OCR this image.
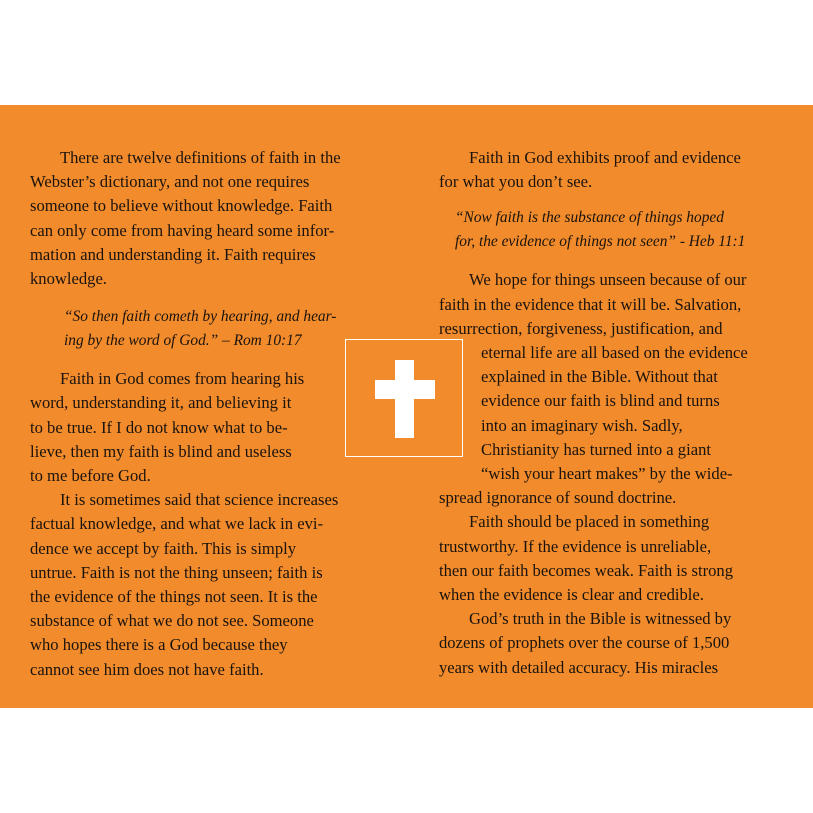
There are twelve definitions of faith in the

Webster’s dictionary, and not one requires

someone to believe without knowledge. Faith

can only come from having heard some infor-

mation and understanding it. Faith requires

knowledge.

“So then faith cometh by hearing, and hear-
ing by the word of God.” – Rom 10:17

Faith in God comes from hearing his

word, understanding it, and believing it

to be true. If I do not know what to be-

lieve, then my faith is blind and useless

to me before God.

It is sometimes said that science increases

factual knowledge, and what we lack in evi-

dence we accept by faith. This is simply

untrue. Faith is not the thing unseen; faith is

the evidence of the things not seen. It is the

substance of what we do not see. Someone

who hopes there is a God because they

cannot see him does not have faith.

Faith in God exhibits proof and evidence

for what you don’t see.

“Now faith is the substance of things hoped
for, the evidence of things not seen” - Heb 11:1

We hope for things unseen because of our

faith in the evidence that it will be. Salvation,

resurrection, forgiveness, justification, and

eternal life are all based on the evidence

explained in the Bible. Without that

evidence our faith is blind and turns

into an imaginary wish. Sadly,

Christianity has turned into a giant

“wish your heart makes” by the wide-

spread ignorance of sound doctrine.

Faith should be placed in something

trustworthy. If the evidence is unreliable,

then our faith becomes weak. Faith is strong

when the evidence is clear and credible.

God’s truth in the Bible is witnessed by

dozens of prophets over the course of 1,500

years with detailed accuracy. His miracles
